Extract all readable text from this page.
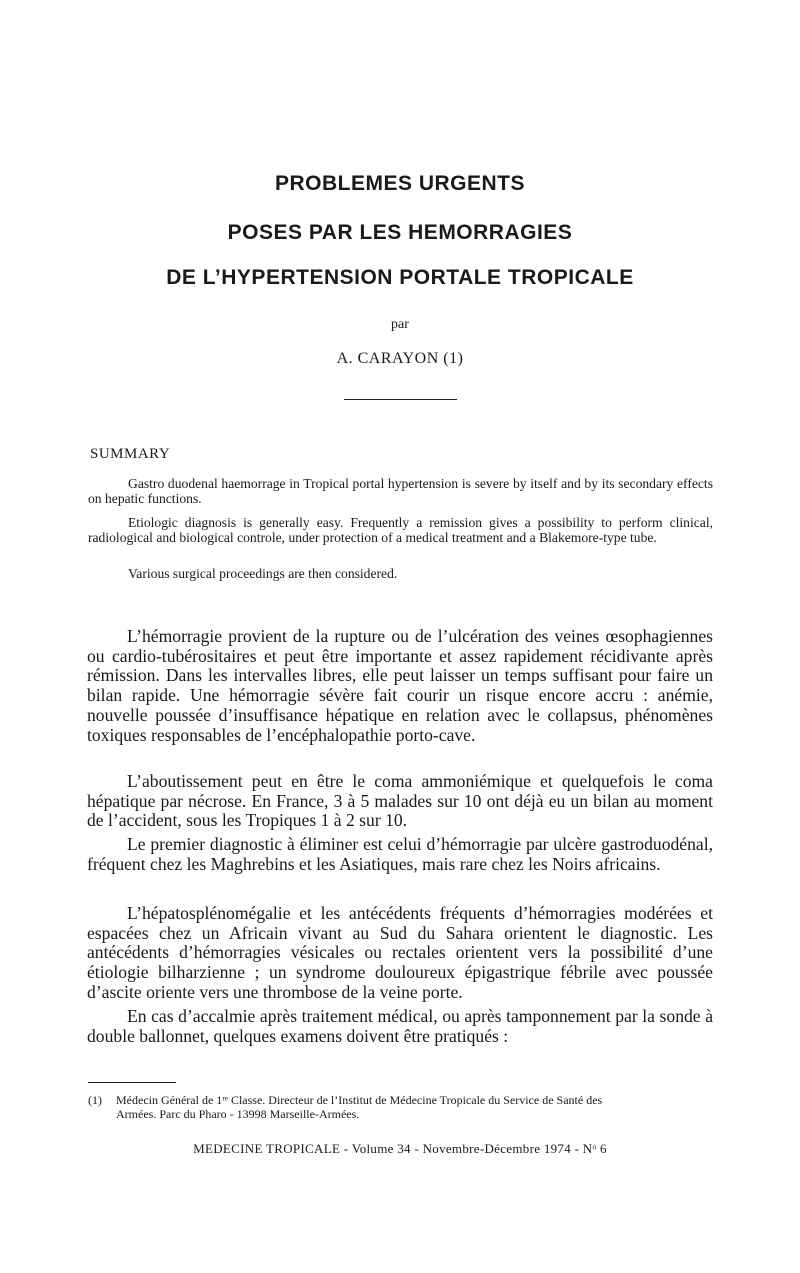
PROBLEMES URGENTS
POSES PAR LES HEMORRAGIES
DE L’HYPERTENSION PORTALE TROPICALE

par

A. CARAYON (1)

SUMMARY

Gastro duodenal haemorrage in Tropical portal hypertension is severe by itself and by its secondary effects on hepatic functions.

Etiologic diagnosis is generally easy. Frequently a remission gives a possibility to perform clinical, radiological and biological controle, under protection of a medical treatment and a Blakemore-type tube.

Various surgical proceedings are then considered.

L’hémorragie provient de la rupture ou de l’ulcération des veines œsophagiennes ou cardio-tubérositaires et peut être importante et assez rapidement récidivante après rémission. Dans les intervalles libres, elle peut laisser un temps suffisant pour faire un bilan rapide. Une hémorragie sévère fait courir un risque encore accru : anémie, nouvelle poussée d’insuffisance hépatique en relation avec le collapsus, phénomènes toxiques responsables de l’encéphalopathie porto-cave.

L’aboutissement peut en être le coma ammoniémique et quelquefois le coma hépatique par nécrose. En France, 3 à 5 malades sur 10 ont déjà eu un bilan au moment de l’accident, sous les Tropiques 1 à 2 sur 10.

Le premier diagnostic à éliminer est celui d’hémorragie par ulcère gastroduodénal, fréquent chez les Maghrebins et les Asiatiques, mais rare chez les Noirs africains.

L’hépatosplénomégalie et les antécédents fréquents d’hémorragies modérées et espacées chez un Africain vivant au Sud du Sahara orientent le diagnostic. Les antécédents d’hémorragies vésicales ou rectales orientent vers la possibilité d’une étiologie bilharzienne ; un syndrome douloureux épigastrique fébrile avec poussée d’ascite oriente vers une thrombose de la veine porte.

En cas d’accalmie après traitement médical, ou après tamponnement par la sonde à double ballonnet, quelques examens doivent être pratiqués :

(1) Médecin Général de 1ʳᵉ Classe. Directeur de l’Institut de Médecine Tropicale du Service de Santé des
Armées. Parc du Pharo - 13998 Marseille-Armées.

MEDECINE TROPICALE - Volume 34 - Novembre-Décembre 1974 - Nᵒ 6
